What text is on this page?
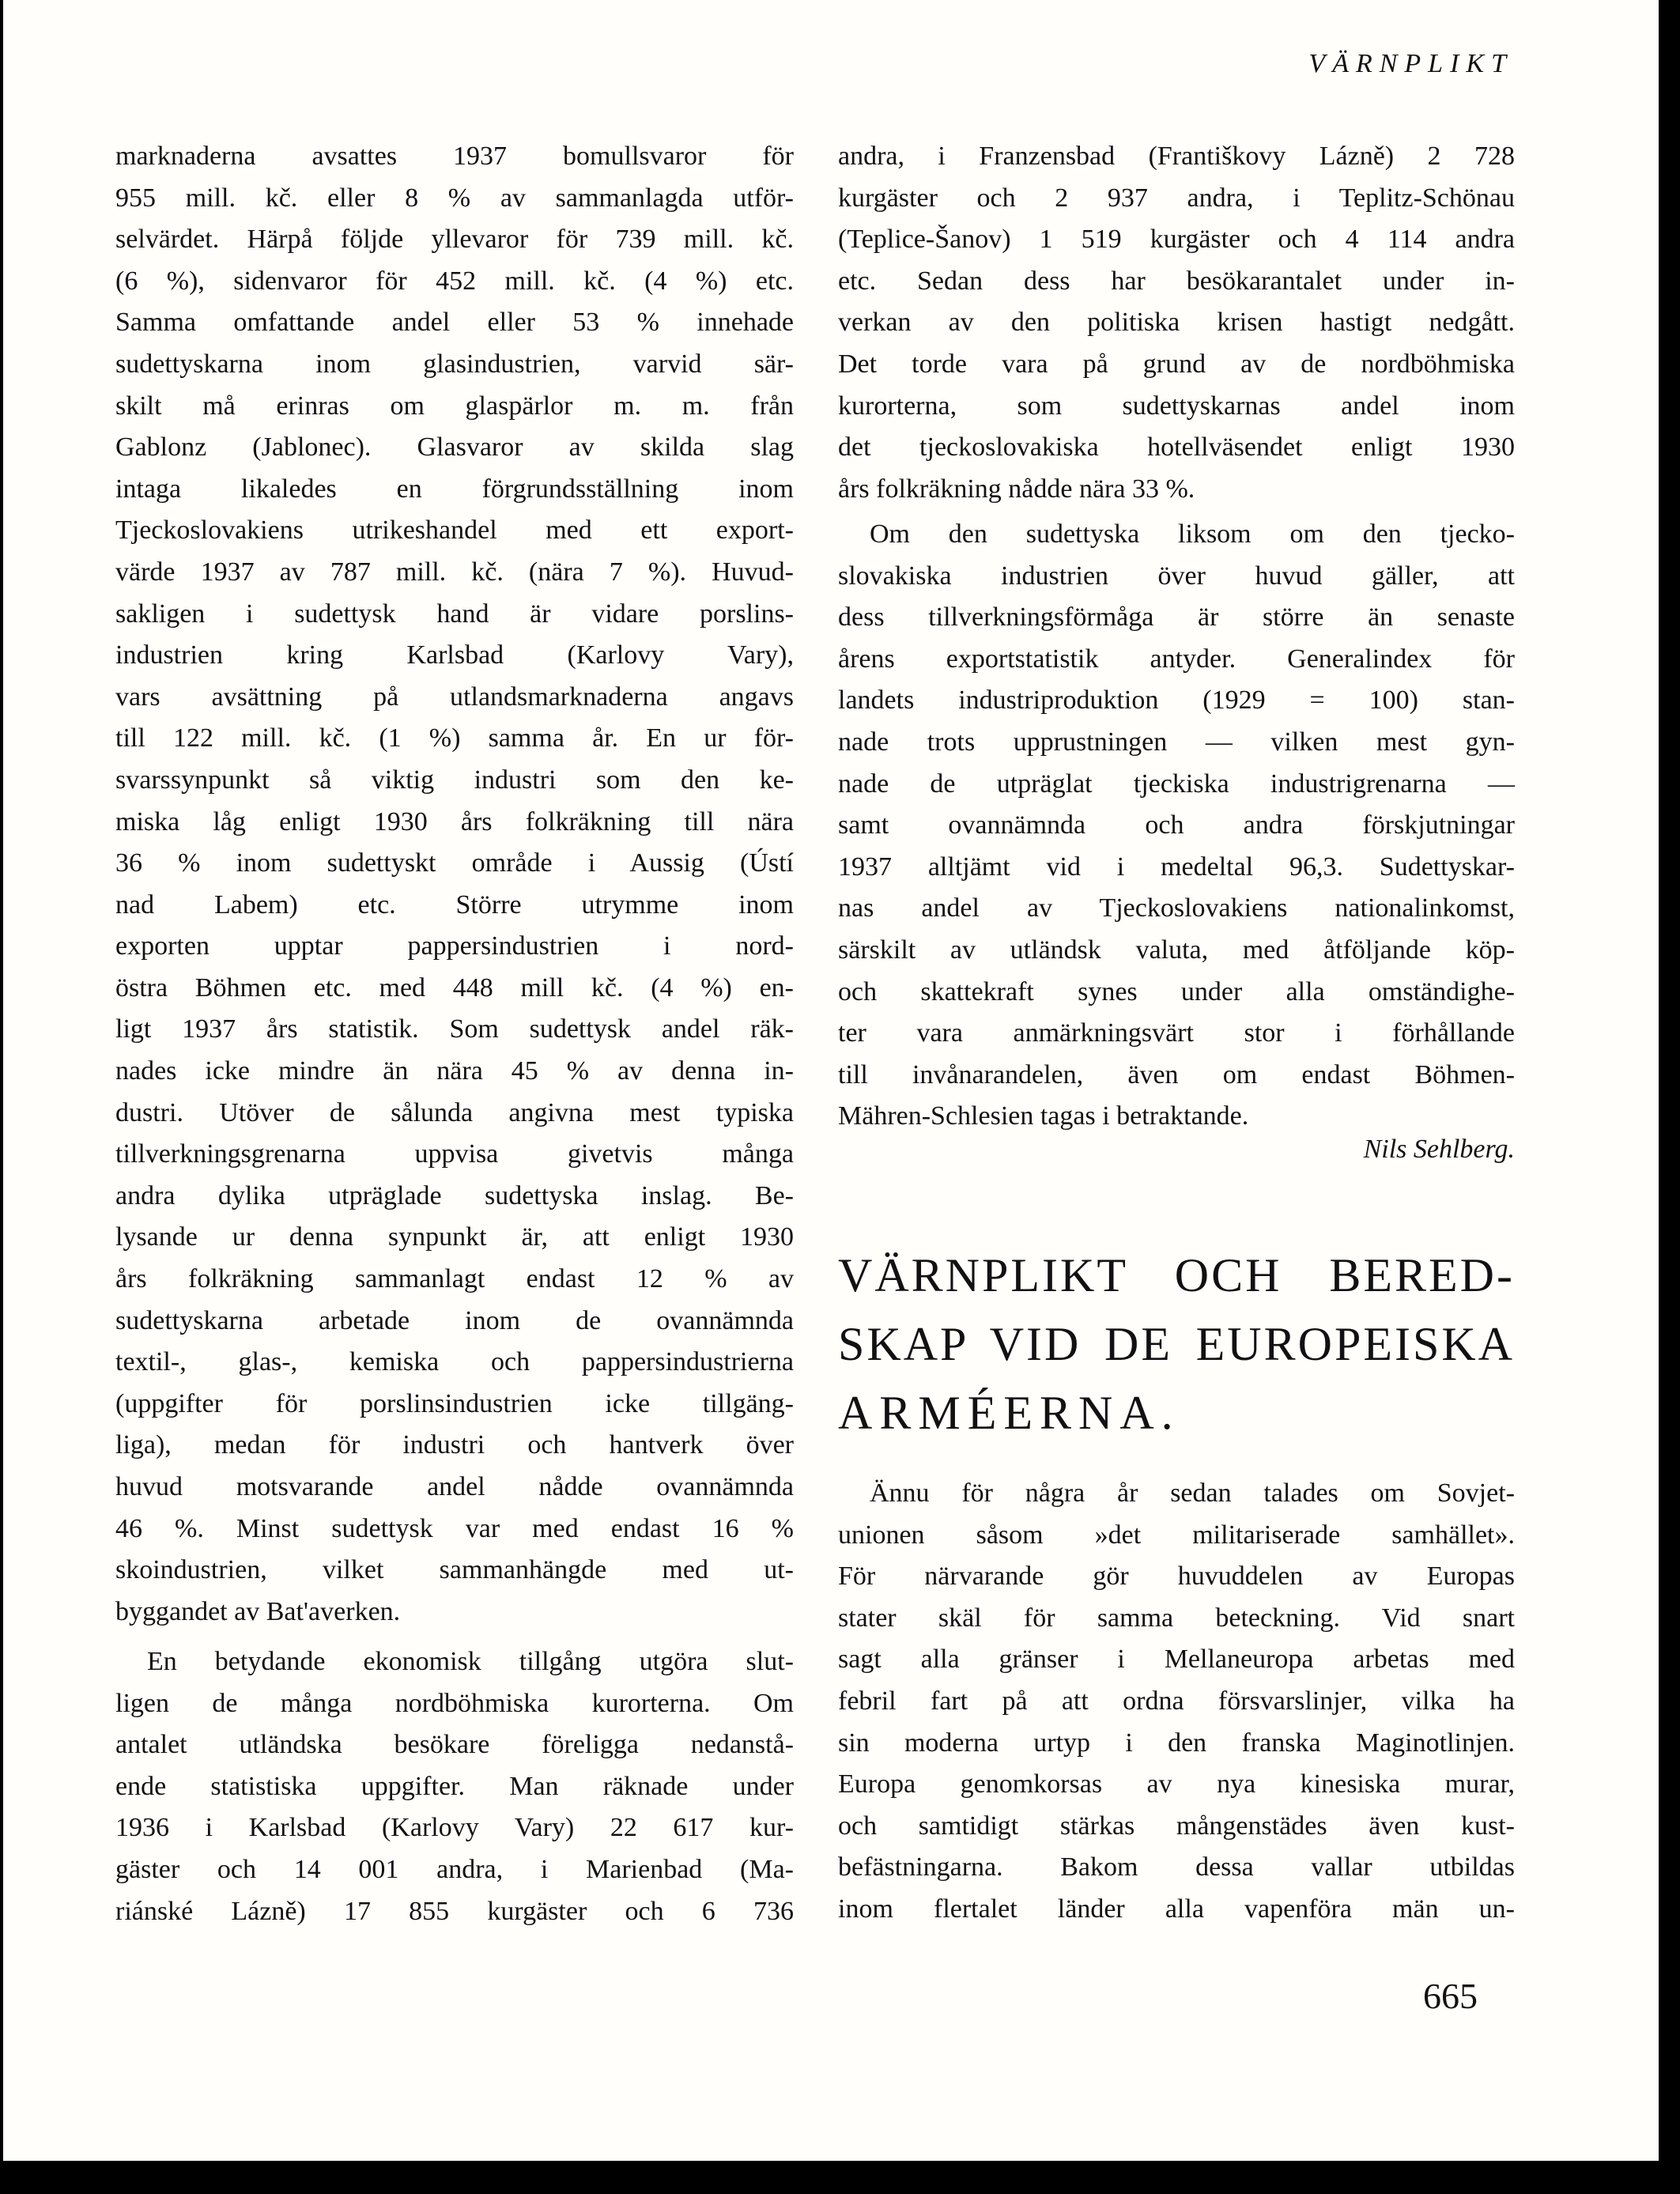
VÄRNPLIKT
marknaderna avsattes 1937 bomullsvaror för
955 mill. kč. eller 8 % av sammanlagda utför-
selvärdet. Härpå följde yllevaror för 739 mill. kč.
(6 %), sidenvaror för 452 mill. kč. (4 %) etc.
Samma omfattande andel eller 53 % innehade
sudettyskarna inom glasindustrien, varvid sär-
skilt må erinras om glaspärlor m. m. från
Gablonz (Jablonec). Glasvaror av skilda slag
intaga likaledes en förgrundsställning inom
Tjeckoslovakiens utrikeshandel med ett export-
värde 1937 av 787 mill. kč. (nära 7 %). Huvud-
sakligen i sudettysk hand är vidare porslins-
industrien kring Karlsbad (Karlovy Vary),
vars avsättning på utlandsmarknaderna angavs
till 122 mill. kč. (1 %) samma år. En ur för-
svarssynpunkt så viktig industri som den ke-
miska låg enligt 1930 års folkräkning till nära
36 % inom sudettyskt område i Aussig (Ústí
nad Labem) etc. Större utrymme inom
exporten upptar pappersindustrien i nord-
östra Böhmen etc. med 448 mill kč. (4 %) en-
ligt 1937 års statistik. Som sudettysk andel räk-
nades icke mindre än nära 45 % av denna in-
dustri. Utöver de sålunda angivna mest typiska
tillverkningsgrenarna uppvisa givetvis många
andra dylika utpräglade sudettyska inslag. Be-
lysande ur denna synpunkt är, att enligt 1930
års folkräkning sammanlagt endast 12 % av
sudettyskarna arbetade inom de ovannämnda
textil-, glas-, kemiska och pappersindustrierna
(uppgifter för porslinsindustrien icke tillgäng-
liga), medan för industri och hantverk över
huvud motsvarande andel nådde ovannämnda
46 %. Minst sudettysk var med endast 16 %
skoindustrien, vilket sammanhängde med ut-
byggandet av Bat'averken.
En betydande ekonomisk tillgång utgöra slut-
ligen de många nordböhmiska kurorterna. Om
antalet utländska besökare föreligga nedanstå-
ende statistiska uppgifter. Man räknade under
1936 i Karlsbad (Karlovy Vary) 22 617 kur-
gäster och 14 001 andra, i Marienbad (Ma-
riánské Lázně) 17 855 kurgäster och 6 736
andra, i Franzensbad (Františkovy Lázně) 2 728
kurgäster och 2 937 andra, i Teplitz-Schönau
(Teplice-Šanov) 1 519 kurgäster och 4 114 andra
etc. Sedan dess har besökarantalet under in-
verkan av den politiska krisen hastigt nedgått.
Det torde vara på grund av de nordböhmiska
kurorterna, som sudettyskarnas andel inom
det tjeckoslovakiska hotellväsendet enligt 1930
års folkräkning nådde nära 33 %.
Om den sudettyska liksom om den tjecko-
slovakiska industrien över huvud gäller, att
dess tillverkningsförmåga är större än senaste
årens exportstatistik antyder. Generalindex för
landets industriproduktion (1929 = 100) stan-
nade trots upprustningen — vilken mest gyn-
nade de utpräglat tjeckiska industrigrenarna —
samt ovannämnda och andra förskjutningar
1937 alltjämt vid i medeltal 96,3. Sudettyskar-
nas andel av Tjeckoslovakiens nationalinkomst,
särskilt av utländsk valuta, med åtföljande köp-
och skattekraft synes under alla omständighe-
ter vara anmärkningsvärt stor i förhållande
till invånarandelen, även om endast Böhmen-
Mähren-Schlesien tagas i betraktande.
Nils Sehlberg.
VÄRNPLIKT OCH BERED-
SKAP VID DE EUROPEISKA
ARMÉERNA.
Ännu för några år sedan talades om Sovjet-
unionen såsom »det militariserade samhället».
För närvarande gör huvuddelen av Europas
stater skäl för samma beteckning. Vid snart
sagt alla gränser i Mellaneuropa arbetas med
febril fart på att ordna försvarslinjer, vilka ha
sin moderna urtyp i den franska Maginotlinjen.
Europa genomkorsas av nya kinesiska murar,
och samtidigt stärkas mångenstädes även kust-
befästningarna. Bakom dessa vallar utbildas
inom flertalet länder alla vapenföra män un-
665
